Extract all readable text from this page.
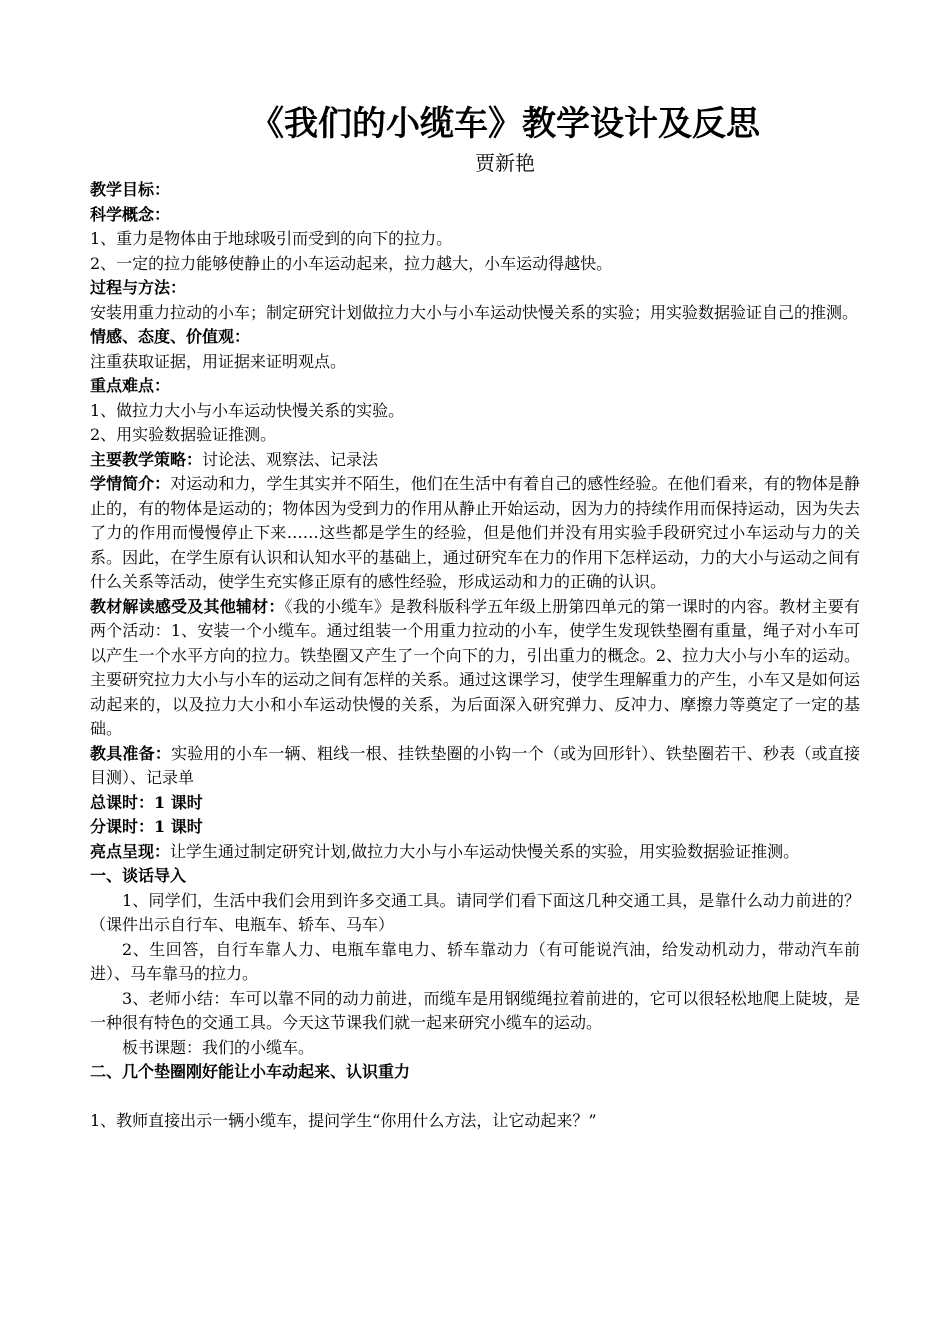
《我们的小缆车》教学设计及反思

贾新艳

教学目标：

科学概念：

1、重力是物体由于地球吸引而受到的向下的拉力。

2、一定的拉力能够使静止的小车运动起来，拉力越大，小车运动得越快。

过程与方法：

安装用重力拉动的小车；制定研究计划做拉力大小与小车运动快慢关系的实验；用实验数据验证自己的推测。

情感、态度、价值观：

注重获取证据，用证据来证明观点。

重点难点：

1、做拉力大小与小车运动快慢关系的实验。

2、用实验数据验证推测。

主要教学策略：讨论法、观察法、记录法

学情简介：对运动和力，学生其实并不陌生，他们在生活中有着自己的感性经验。在他们看来，有的物体是静止的，有的物体是运动的；物体因为受到力的作用从静止开始运动，因为力的持续作用而保持运动，因为失去了力的作用而慢慢停止下来……这些都是学生的经验，但是他们并没有用实验手段研究过小车运动与力的关系。因此，在学生原有认识和认知水平的基础上，通过研究车在力的作用下怎样运动，力的大小与运动之间有什么关系等活动，使学生充实修正原有的感性经验，形成运动和力的正确的认识。

教材解读感受及其他辅材：《我的小缆车》是教科版科学五年级上册第四单元的第一课时的内容。教材主要有两个活动：1、安装一个小缆车。通过组装一个用重力拉动的小车，使学生发现铁垫圈有重量，绳子对小车可以产生一个水平方向的拉力。铁垫圈又产生了一个向下的力，引出重力的概念。2、拉力大小与小车的运动。主要研究拉力大小与小车的运动之间有怎样的关系。通过这课学习，使学生理解重力的产生，小车又是如何运动起来的，以及拉力大小和小车运动快慢的关系，为后面深入研究弹力、反冲力、摩擦力等奠定了一定的基础。

教具准备：实验用的小车一辆、粗线一根、挂铁垫圈的小钩一个（或为回形针）、铁垫圈若干、秒表（或直接目测）、记录单

总课时：1 课时

分课时：1 课时

亮点呈现：让学生通过制定研究计划,做拉力大小与小车运动快慢关系的实验，用实验数据验证推测。

一、谈话导入

1、同学们，生活中我们会用到许多交通工具。请同学们看下面这几种交通工具，是靠什么动力前进的？（课件出示自行车、电瓶车、轿车、马车）

2、生回答，自行车靠人力、电瓶车靠电力、轿车靠动力（有可能说汽油，给发动机动力，带动汽车前进）、马车靠马的拉力。

3、老师小结：车可以靠不同的动力前进，而缆车是用钢缆绳拉着前进的，它可以很轻松地爬上陡坡，是一种很有特色的交通工具。今天这节课我们就一起来研究小缆车的运动。

板书课题：我们的小缆车。

二、几个垫圈刚好能让小车动起来、认识重力

1、教师直接出示一辆小缆车，提问学生“你用什么方法，让它动起来？”
